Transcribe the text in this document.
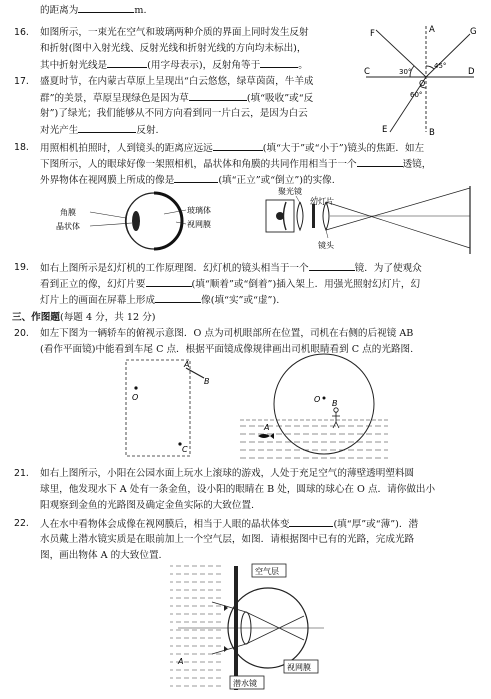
的距离为	m.
16. 如图所示，一束光在空气和玻璃两种介质的界面上同时发生反射
和折射(图中入射光线、反射光线和折射光线的方向均未标出)，
其中折射光线是	(用字母表示)，反射角等于	。
F	G
A
B
C	D
O
E
30°
45°
60°
17. 盛夏时节，在内蒙古草原上呈现出“白云悠悠，绿草茵茵，牛羊成
群”的美景，草原呈现绿色是因为草	(填“吸收”或“反
射”)了绿光；我们能够从不同方向看到同一片白云，是因为白云
对光产生	反射.
18. 用照相机拍照时，人到镜头的距离应远远	(填“大于”或“小于”)镜头的焦距．如左
下图所示，人的眼球好像一架照相机，晶状体和角膜的共同作用相当于一个	透镜，
外界物体在视网膜上所成的像是	(填“正立”或“倒立”)的实像.
角膜
晶状体
玻璃体
视网膜
聚光镜
幻灯片
镜头
19. 如右上图所示是幻灯机的工作原理图．幻灯机的镜头相当于一个	镜．为了使观众
看到正立的像，幻灯片要	(填“顺着”或“倒着”)插入架上．用强光照射幻灯片，幻
灯片上的画面在屏幕上形成	像(填“实”或“虚”).
三、作图题(每题 4 分，共 12 分)
20. 如左下图为一辆轿车的俯视示意图．O 点为司机眼部所在位置，司机在右侧的后视镜 AB
(看作平面镜)中能看到车尾 C 点．根据平面镜成像规律画出司机眼睛看到 C 点的光路图.
O
A
B
C
O B
A
21. 如右上图所示，小阳在公园水面上玩水上滚球的游戏，人处于充足空气的薄壁透明塑料圆
球里，他发现水下 A 处有一条金鱼，设小阳的眼睛在 B 处，圆球的球心在 O 点．请你做出小
阳观察到金鱼的光路图及确定金鱼实际的大致位置.
22. 人在水中看物体会成像在视网膜后，相当于人眼的晶状体变	(填“厚”或“薄”)．潜
水员戴上潜水镜实质是在眼前加上一个空气层，如图．请根据图中已有的光路，完成光路
图，画出物体 A 的大致位置.
空气层
视网膜
潜水镜
A
